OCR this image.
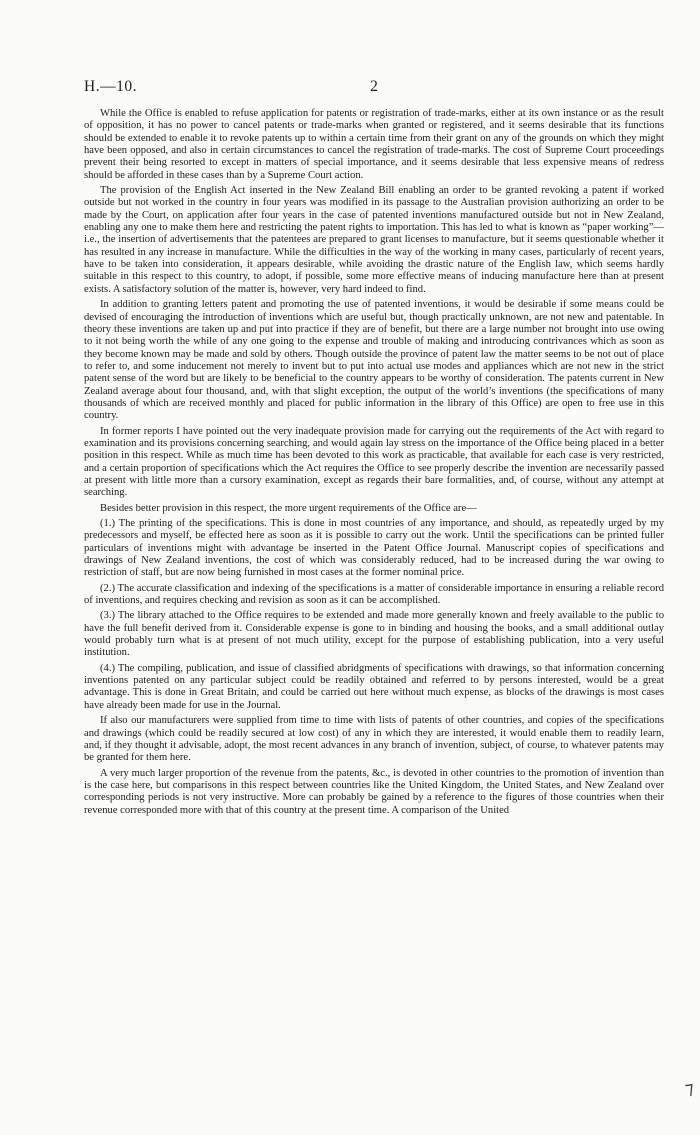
H.—10.	2

While the Office is enabled to refuse application for patents or registration of trade-marks, either at its own instance or as the result of opposition, it has no power to cancel patents or trade-marks when granted or registered, and it seems desirable that its functions should be extended to enable it to revoke patents up to within a certain time from their grant on any of the grounds on which they might have been opposed, and also in certain circumstances to cancel the registration of trade-marks. The cost of Supreme Court proceedings prevent their being resorted to except in matters of special importance, and it seems desirable that less expensive means of redress should be afforded in these cases than by a Supreme Court action.

The provision of the English Act inserted in the New Zealand Bill enabling an order to be granted revoking a patent if worked outside but not worked in the country in four years was modified in its passage to the Australian provision authorizing an order to be made by the Court, on application after four years in the case of patented inventions manufactured outside but not in New Zealand, enabling any one to make them here and restricting the patent rights to importation. This has led to what is known as “paper working”— i.e., the insertion of advertisements that the patentees are prepared to grant licenses to manufacture, but it seems questionable whether it has resulted in any increase in manufacture. While the difficulties in the way of the working in many cases, particularly of recent years, have to be taken into consideration, it appears desirable, while avoiding the drastic nature of the English law, which seems hardly suitable in this respect to this country, to adopt, if possible, some more effective means of inducing manufacture here than at present exists. A satisfactory solution of the matter is, however, very hard indeed to find.

In addition to granting letters patent and promoting the use of patented inventions, it would be desirable if some means could be devised of encouraging the introduction of inventions which are useful but, though practically unknown, are not new and patentable. In theory these inventions are taken up and put into practice if they are of benefit, but there are a large number not brought into use owing to it not being worth the while of any one going to the expense and trouble of making and introducing contrivances which as soon as they become known may be made and sold by others. Though outside the province of patent law the matter seems to be not out of place to refer to, and some inducement not merely to invent but to put into actual use modes and appliances which are not new in the strict patent sense of the word but are likely to be beneficial to the country appears to be worthy of consideration. The patents current in New Zealand average about four thousand, and, with that slight exception, the output of the world’s inventions (the specifications of many thousands of which are received monthly and placed for public information in the library of this Office) are open to free use in this country.

In former reports I have pointed out the very inadequate provision made for carrying out the requirements of the Act with regard to examination and its provisions concerning searching, and would again lay stress on the importance of the Office being placed in a better position in this respect. While as much time has been devoted to this work as practicable, that available for each case is very restricted, and a certain proportion of specifications which the Act requires the Office to see properly describe the invention are necessarily passed at present with little more than a cursory examination, except as regards their bare formalities, and, of course, without any attempt at searching.

Besides better provision in this respect, the more urgent requirements of the Office are—

(1.) The printing of the specifications. This is done in most countries of any importance, and should, as repeatedly urged by my predecessors and myself, be effected here as soon as it is possible to carry out the work. Until the specifications can be printed fuller particulars of inventions might with advantage be inserted in the Patent Office Journal. Manuscript copies of specifications and drawings of New Zealand inventions, the cost of which was considerably reduced, had to be increased during the war owing to restriction of staff, but are now being furnished in most cases at the former nominal price.

(2.) The accurate classification and indexing of the specifications is a matter of considerable importance in ensuring a reliable record of inventions, and requires checking and revision as soon as it can be accomplished.

(3.) The library attached to the Office requires to be extended and made more generally known and freely available to the public to have the full benefit derived from it. Considerable expense is gone to in binding and housing the books, and a small additional outlay would probably turn what is at present of not much utility, except for the purpose of establishing publication, into a very useful institution.

(4.) The compiling, publication, and issue of classified abridgments of specifications with drawings, so that information concerning inventions patented on any particular subject could be readily obtained and referred to by persons interested, would be a great advantage. This is done in Great Britain, and could be carried out here without much expense, as blocks of the drawings is most cases have already been made for use in the Journal.

If also our manufacturers were supplied from time to time with lists of patents of other countries, and copies of the specifications and drawings (which could be readily secured at low cost) of any in which they are interested, it would enable them to readily learn, and, if they thought it advisable, adopt, the most recent advances in any branch of invention, subject, of course, to whatever patents may be granted for them here.

A very much larger proportion of the revenue from the patents, &c., is devoted in other countries to the promotion of invention than is the case here, but comparisons in this respect between countries like the United Kingdom, the United States, and New Zealand over corresponding periods is not very instructive. More can probably be gained by a reference to the figures of those countries when their revenue corresponded more with that of this country at the present time. A comparison of the United

⁊
